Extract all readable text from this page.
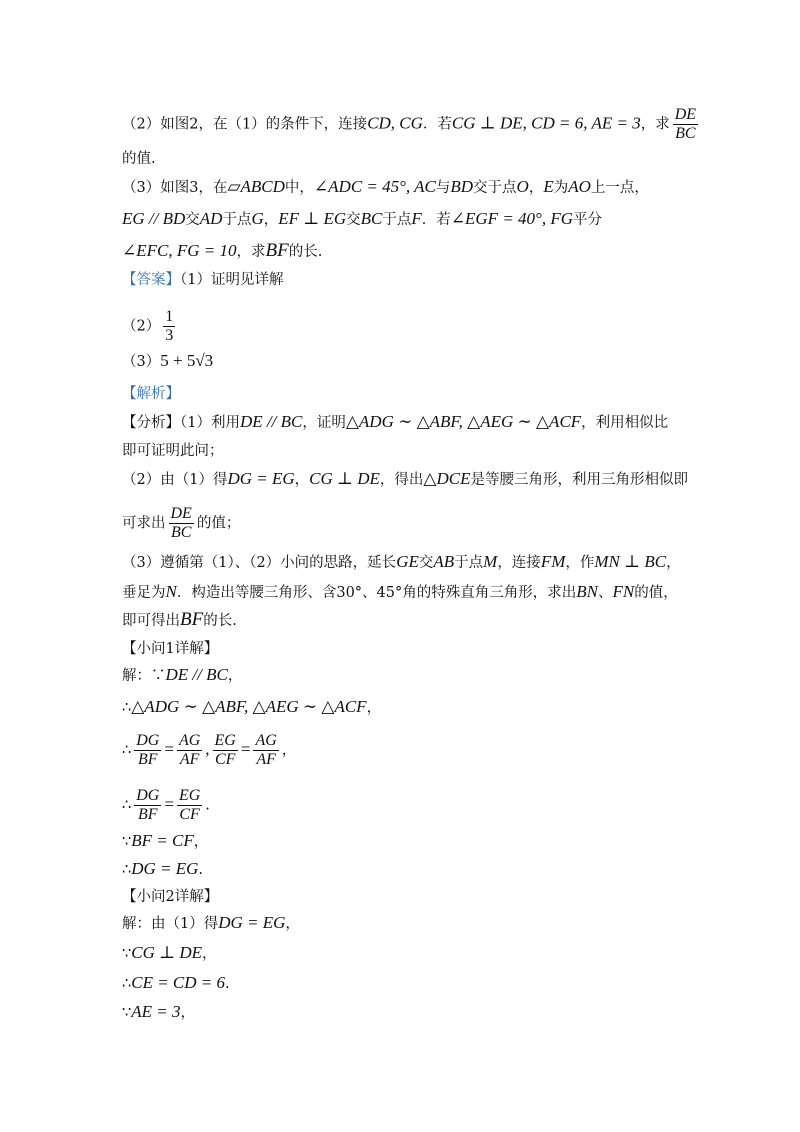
（2）如图2，在（1）的条件下，连接CD, CG．若CG ⊥ DE, CD = 6, AE = 3，求 $\frac{DE}{BC}$
的值.
（3）如图3，在▱ABCD中，∠ADC = 45°, AC与BD交于点O，E为AO上一点，
EG // BD交AD于点G，EF ⊥ EG交BC于点F．若∠EGF = 40°, FG平分
∠EFC, FG = 10，求BF的长.
【答案】（1）证明见详解
$(2) \frac{1}{3}$
（3）5 + 5√3
【解析】
【分析】（1）利用DE // BC，证明△ADG ∼ △ABF, △AEG ∼ △ACF，利用相似比
即可证明此问；
（2）由（1）得DG = EG，CG ⊥ DE，得出△DCE是等腰三角形，利用三角形相似即
可求出 $\frac{DE}{BC}$ 的值；
（3）遵循第（1）、（2）小问的思路，延长GE交AB于点M，连接FM，作MN ⊥ BC，
垂足为N．构造出等腰三角形、含30°、45°角的特殊直角三角形，求出BN、FN的值，
即可得出BF的长.
【小问1详解】
解：∵DE // BC，
∴△ADG ∼ △ABF, △AEG ∼ △ACF，
∴ $\frac{DG}{BF} = \frac{AG}{AF}$ , $\frac{EG}{CF} = \frac{AG}{AF}$ ，
∴ $\frac{DG}{BF} = \frac{EG}{CF}$ .
∵BF = CF，
∴DG = EG.
【小问2详解】
解：由（1）得DG = EG，
∵CG ⊥ DE，
∴CE = CD = 6.
∵AE = 3，
